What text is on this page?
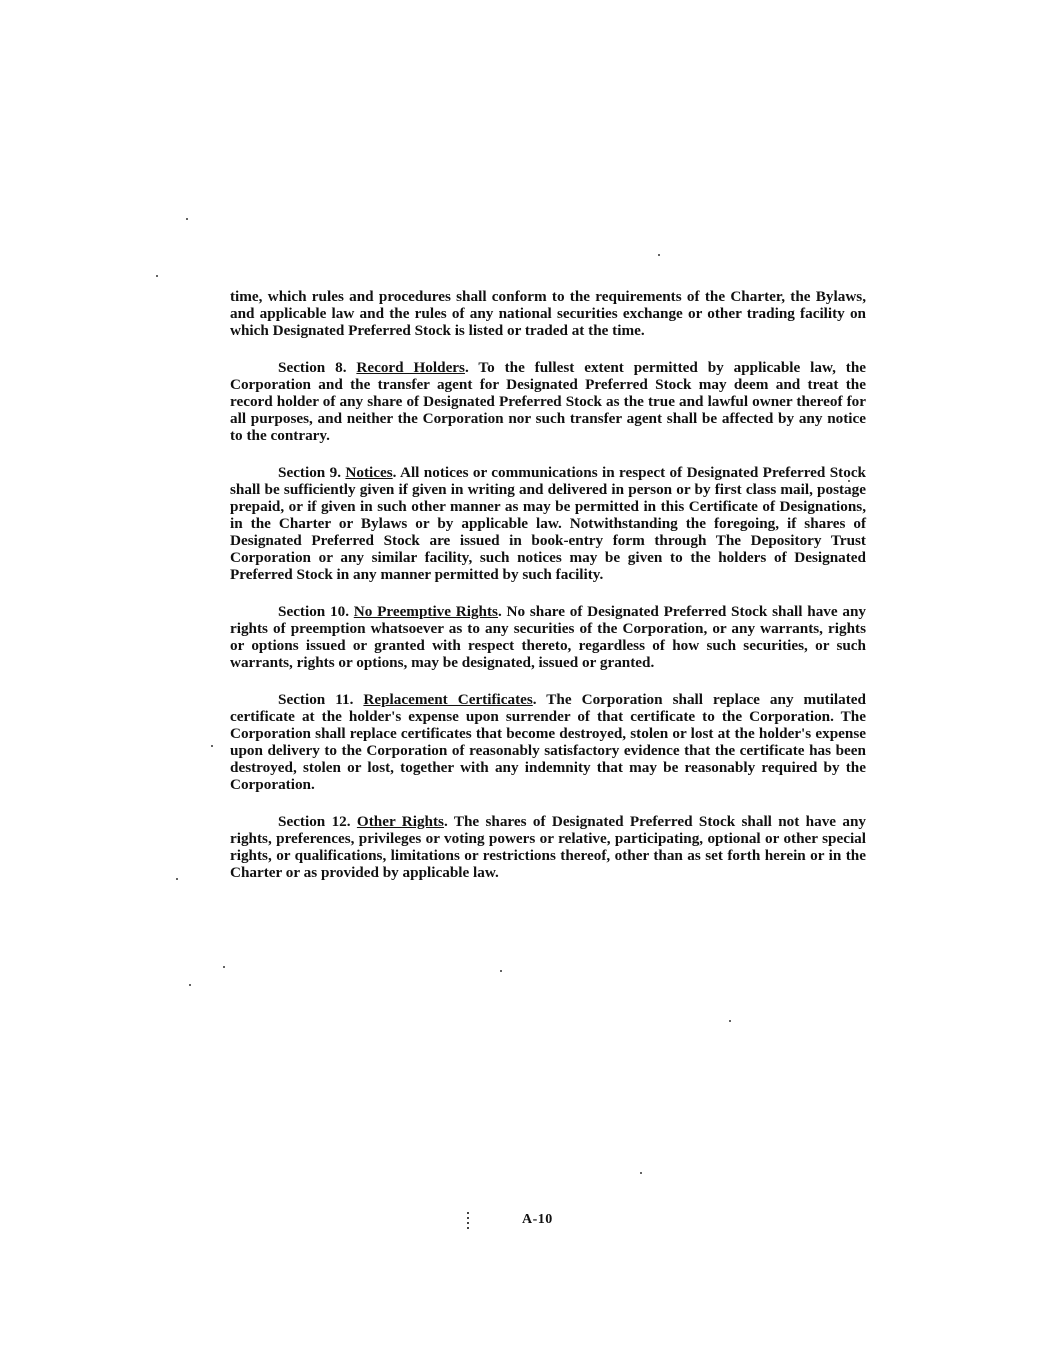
time, which rules and procedures shall conform to the requirements of the Charter, the Bylaws, and applicable law and the rules of any national securities exchange or other trading facility on which Designated Preferred Stock is listed or traded at the time.

Section 8. Record Holders. To the fullest extent permitted by applicable law, the Corporation and the transfer agent for Designated Preferred Stock may deem and treat the record holder of any share of Designated Preferred Stock as the true and lawful owner thereof for all purposes, and neither the Corporation nor such transfer agent shall be affected by any notice to the contrary.

Section 9. Notices. All notices or communications in respect of Designated Preferred Stock shall be sufficiently given if given in writing and delivered in person or by first class mail, postage prepaid, or if given in such other manner as may be permitted in this Certificate of Designations, in the Charter or Bylaws or by applicable law. Notwithstanding the foregoing, if shares of Designated Preferred Stock are issued in book-entry form through The Depository Trust Corporation or any similar facility, such notices may be given to the holders of Designated Preferred Stock in any manner permitted by such facility.

Section 10. No Preemptive Rights. No share of Designated Preferred Stock shall have any rights of preemption whatsoever as to any securities of the Corporation, or any warrants, rights or options issued or granted with respect thereto, regardless of how such securities, or such warrants, rights or options, may be designated, issued or granted.

Section 11. Replacement Certificates. The Corporation shall replace any mutilated certificate at the holder's expense upon surrender of that certificate to the Corporation. The Corporation shall replace certificates that become destroyed, stolen or lost at the holder's expense upon delivery to the Corporation of reasonably satisfactory evidence that the certificate has been destroyed, stolen or lost, together with any indemnity that may be reasonably required by the Corporation.

Section 12. Other Rights. The shares of Designated Preferred Stock shall not have any rights, preferences, privileges or voting powers or relative, participating, optional or other special rights, or qualifications, limitations or restrictions thereof, other than as set forth herein or in the Charter or as provided by applicable law.

A-10
